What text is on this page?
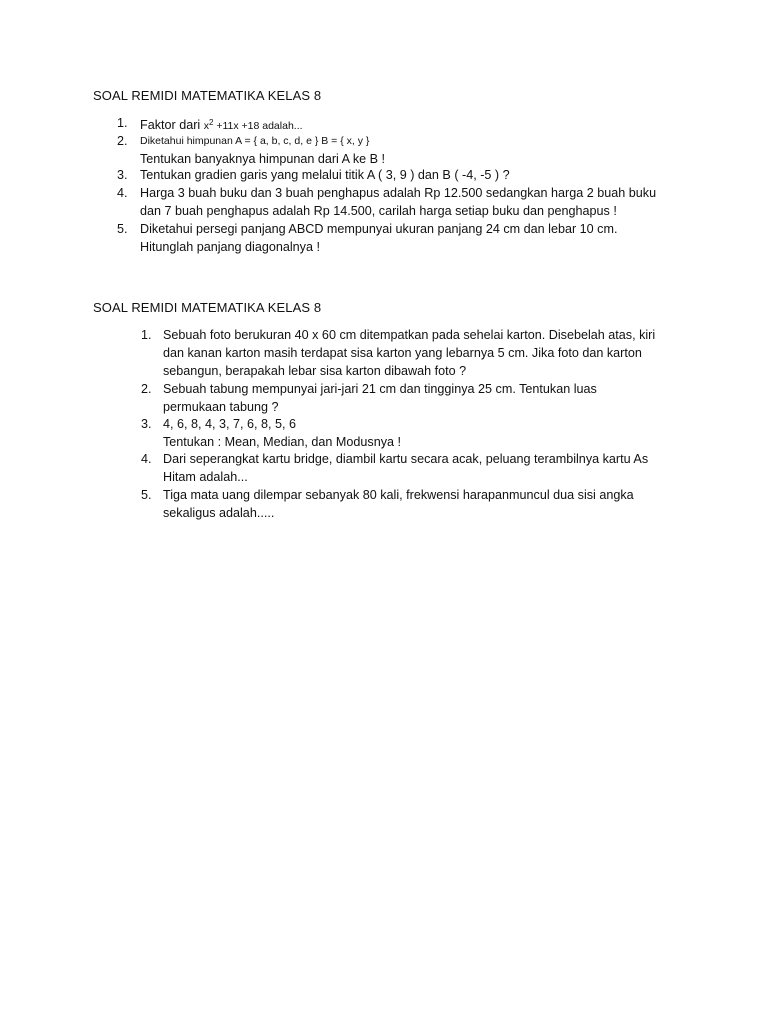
SOAL REMIDI MATEMATIKA KELAS 8
1. Faktor dari $x^2 +11x +18$ adalah...
2. Diketahui himpunan A = { a, b, c, d, e } B = { x, y }
Tentukan banyaknya himpunan dari A ke B !
3. Tentukan gradien garis yang melalui titik A ( 3, 9 ) dan B ( -4, -5 ) ?
4. Harga 3 buah buku dan 3 buah penghapus adalah Rp 12.500 sedangkan harga 2 buah buku
dan 7 buah penghapus adalah Rp 14.500, carilah harga setiap buku dan penghapus !
5. Diketahui persegi panjang ABCD mempunyai ukuran panjang 24 cm dan lebar 10 cm.
Hitunglah panjang diagonalnya !
SOAL REMIDI MATEMATIKA KELAS 8
1. Sebuah foto berukuran 40 x 60 cm ditempatkan pada sehelai karton. Disebelah atas, kiri
dan kanan karton masih terdapat sisa karton yang lebarnya 5 cm. Jika foto dan karton
sebangun, berapakah lebar sisa karton dibawah foto ?
2. Sebuah tabung mempunyai jari-jari 21 cm dan tingginya 25 cm. Tentukan luas
permukaan tabung ?
3. 4, 6, 8, 4, 3, 7, 6, 8, 5, 6
Tentukan : Mean, Median, dan Modusnya !
4. Dari seperangkat kartu bridge, diambil kartu secara acak, peluang terambilnya kartu As
Hitam adalah...
5. Tiga mata uang dilempar sebanyak 80 kali, frekwensi harapanmuncul dua sisi angka
sekaligus adalah.....
